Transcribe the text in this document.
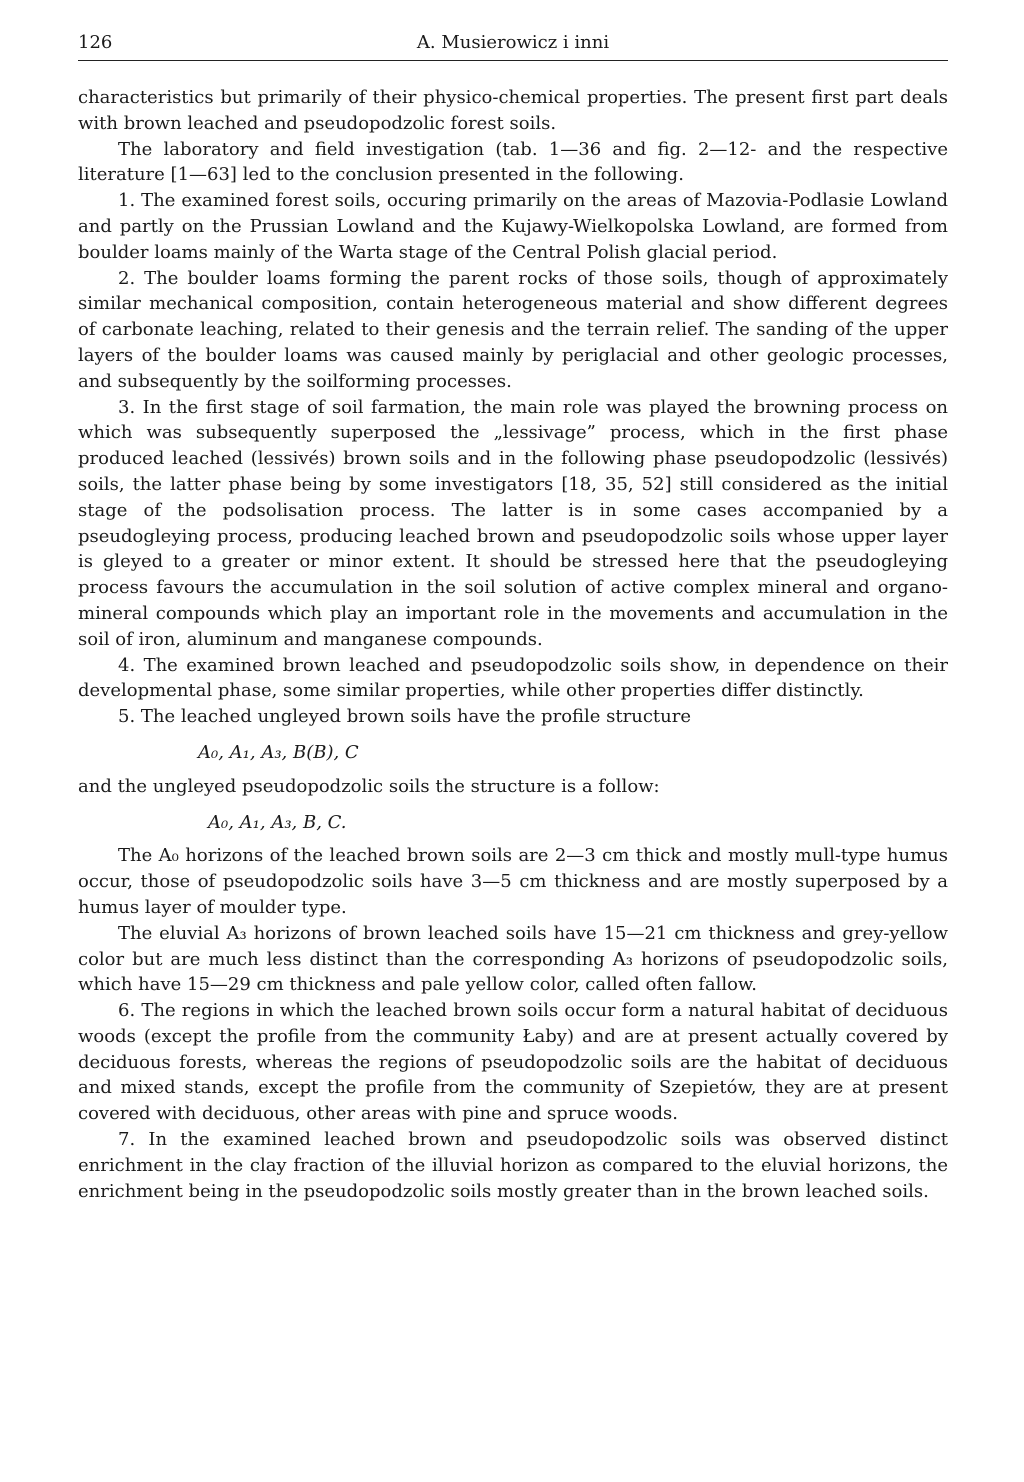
126	A. Musierowicz i inni

characteristics but primarily of their physico-chemical properties. The present first part deals with brown leached and pseudopodzolic forest soils.

The laboratory and field investigation (tab. 1—36 and fig. 2—12- and the respective literature [1—63] led to the conclusion presented in the following.

1. The examined forest soils, occuring primarily on the areas of Mazovia-Podlasie Lowland and partly on the Prussian Lowland and the Kujawy-Wielkopolska Lowland, are formed from boulder loams mainly of the Warta stage of the Central Polish glacial period.

2. The boulder loams forming the parent rocks of those soils, though of approximately similar mechanical composition, contain heterogeneous material and show different degrees of carbonate leaching, related to their genesis and the terrain relief. The sanding of the upper layers of the boulder loams was caused mainly by periglacial and other geologic processes, and subsequently by the soilforming processes.

3. In the first stage of soil farmation, the main role was played the browning process on which was subsequently superposed the „lessivage” process, which in the first phase produced leached (lessivés) brown soils and in the following phase pseudopodzolic (lessivés) soils, the latter phase being by some investigators [18, 35, 52] still considered as the initial stage of the podsolisation process. The latter is in some cases accompanied by a pseudogleying process, producing leached brown and pseudopodzolic soils whose upper layer is gleyed to a greater or minor extent. It should be stressed here that the pseudogleying process favours the accumulation in the soil solution of active complex mineral and organo-mineral compounds which play an important role in the movements and accumulation in the soil of iron, aluminum and manganese compounds.

4. The examined brown leached and pseudopodzolic soils show, in dependence on their developmental phase, some similar properties, while other properties differ distinctly.

5. The leached ungleyed brown soils have the profile structure

A₀, A₁, A₃, B(B), C

and the ungleyed pseudopodzolic soils the structure is a follow:

A₀, A₁, A₃, B, C.

The A₀ horizons of the leached brown soils are 2—3 cm thick and mostly mull-type humus occur, those of pseudopodzolic soils have 3—5 cm thickness and are mostly superposed by a humus layer of moulder type.

The eluvial A₃ horizons of brown leached soils have 15—21 cm thickness and grey-yellow color but are much less distinct than the corresponding A₃ horizons of pseudopodzolic soils, which have 15—29 cm thickness and pale yellow color, called often fallow.

6. The regions in which the leached brown soils occur form a natural habitat of deciduous woods (except the profile from the community Łaby) and are at present actually covered by deciduous forests, whereas the regions of pseudopodzolic soils are the habitat of deciduous and mixed stands, except the profile from the community of Szepietów, they are at present covered with deciduous, other areas with pine and spruce woods.

7. In the examined leached brown and pseudopodzolic soils was observed distinct enrichment in the clay fraction of the illuvial horizon as compared to the eluvial horizons, the enrichment being in the pseudopodzolic soils mostly greater than in the brown leached soils.
